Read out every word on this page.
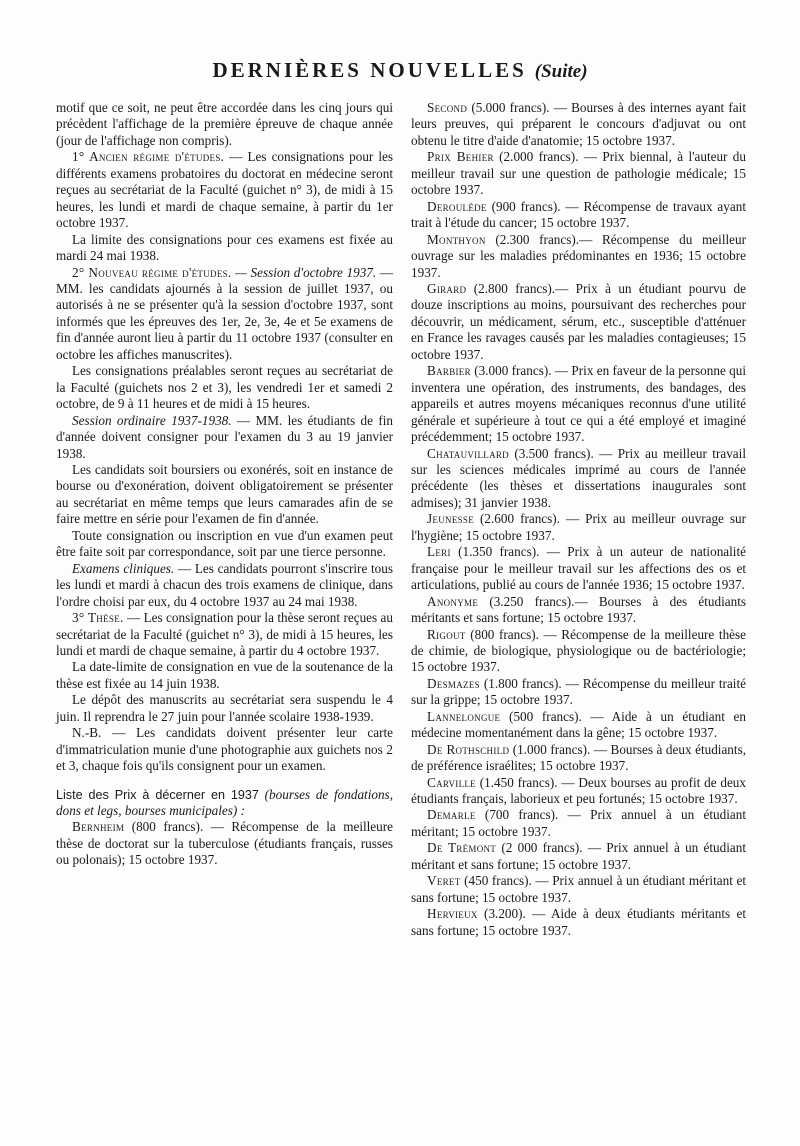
DERNIÈRES NOUVELLES (Suite)

motif que ce soit, ne peut être accordée dans les cinq jours qui précèdent l'affichage de la première épreuve de chaque année (jour de l'affichage non compris).

1° Ancien régime d'études. — Les consignations pour les différents examens probatoires du doctorat en médecine seront reçues au secrétariat de la Faculté (guichet n° 3), de midi à 15 heures, les lundi et mardi de chaque semaine, à partir du 1er octobre 1937.

La limite des consignations pour ces examens est fixée au mardi 24 mai 1938.

2° Nouveau régime d'études. — Session d'octobre 1937. — MM. les candidats ajournés à la session de juillet 1937, ou autorisés à ne se présenter qu'à la session d'octobre 1937, sont informés que les épreuves des 1er, 2e, 3e, 4e et 5e examens de fin d'année auront lieu à partir du 11 octobre 1937 (consulter en octobre les affiches manuscrites).

Les consignations préalables seront reçues au secrétariat de la Faculté (guichets nos 2 et 3), les vendredi 1er et samedi 2 octobre, de 9 à 11 heures et de midi à 15 heures.

Session ordinaire 1937-1938. — MM. les étudiants de fin d'année doivent consigner pour l'examen du 3 au 19 janvier 1938.

Les candidats soit boursiers ou exonérés, soit en instance de bourse ou d'exonération, doivent obligatoirement se présenter au secrétariat en même temps que leurs camarades afin de se faire mettre en série pour l'examen de fin d'année.

Toute consignation ou inscription en vue d'un examen peut être faite soit par correspondance, soit par une tierce personne.

Examens cliniques. — Les candidats pourront s'inscrire tous les lundi et mardi à chacun des trois examens de clinique, dans l'ordre choisi par eux, du 4 octobre 1937 au 24 mai 1938.

3° Thèse. — Les consignation pour la thèse seront reçues au secrétariat de la Faculté (guichet n° 3), de midi à 15 heures, les lundi et mardi de chaque semaine, à partir du 4 octobre 1937.

La date-limite de consignation en vue de la soutenance de la thèse est fixée au 14 juin 1938.

Le dépôt des manuscrits au secrétariat sera suspendu le 4 juin. Il reprendra le 27 juin pour l'année scolaire 1938-1939.

N.-B. — Les candidats doivent présenter leur carte d'immatriculation munie d'une photographie aux guichets nos 2 et 3, chaque fois qu'ils consignent pour un examen.

Liste des Prix à décerner en 1937 (bourses de fondations, dons et legs, bourses municipales) :

Bernheim (800 francs). — Récompense de la meilleure thèse de doctorat sur la tuberculose (étudiants français, russes ou polonais); 15 octobre 1937.

Second (5.000 francs). — Bourses à des internes ayant fait leurs preuves, qui préparent le concours d'adjuvat ou ont obtenu le titre d'aide d'anatomie; 15 octobre 1937.

Prix Behier (2.000 francs). — Prix biennal, à l'auteur du meilleur travail sur une question de pathologie médicale; 15 octobre 1937.

Deroulède (900 francs). — Récompense de travaux ayant trait à l'étude du cancer; 15 octobre 1937.

Monthyon (2.300 francs).— Récompense du meilleur ouvrage sur les maladies prédominantes en 1936; 15 octobre 1937.

Girard (2.800 francs).— Prix à un étudiant pourvu de douze inscriptions au moins, poursuivant des recherches pour découvrir, un médicament, sérum, etc., susceptible d'atténuer en France les ravages causés par les maladies contagieuses; 15 octobre 1937.

Barbier (3.000 francs). — Prix en faveur de la personne qui inventera une opération, des instruments, des bandages, des appareils et autres moyens mécaniques reconnus d'une utilité générale et supérieure à tout ce qui a été employé et imaginé précédemment; 15 octobre 1937.

Chatauvillard (3.500 francs). — Prix au meilleur travail sur les sciences médicales imprimé au cours de l'année précédente (les thèses et dissertations inaugurales sont admises); 31 janvier 1938.

Jeunesse (2.600 francs). — Prix au meilleur ouvrage sur l'hygiène; 15 octobre 1937.

Leri (1.350 francs). — Prix à un auteur de nationalité française pour le meilleur travail sur les affections des os et articulations, publié au cours de l'année 1936; 15 octobre 1937.

Anonyme (3.250 francs).— Bourses à des étudiants méritants et sans fortune; 15 octobre 1937.

Rigout (800 francs). — Récompense de la meilleure thèse de chimie, de biologique, physiologique ou de bactériologie; 15 octobre 1937.

Desmazes (1.800 francs). — Récompense du meilleur traité sur la grippe; 15 octobre 1937.

Lannelongue (500 francs). — Aide à un étudiant en médecine momentanément dans la gêne; 15 octobre 1937.

De Rothschild (1.000 francs). — Bourses à deux étudiants, de préférence israélites; 15 octobre 1937.

Carville (1.450 francs). — Deux bourses au profit de deux étudiants français, laborieux et peu fortunés; 15 octobre 1937.

Demarle (700 francs). — Prix annuel à un étudiant méritant; 15 octobre 1937.

De Trémont (2 000 francs). — Prix annuel à un étudiant méritant et sans fortune; 15 octobre 1937.

Veret (450 francs). — Prix annuel à un étudiant méritant et sans fortune; 15 octobre 1937.

Hervieux (3.200). — Aide à deux étudiants méritants et sans fortune; 15 octobre 1937.
